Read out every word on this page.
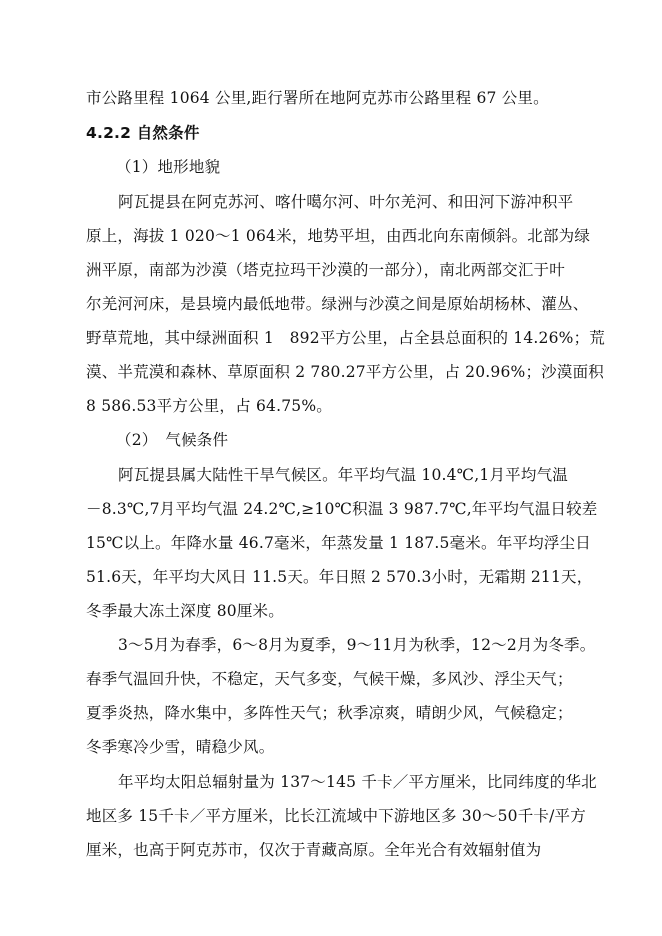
市公路里程 1064 公里,距行署所在地阿克苏市公路里程 67 公里。
4.2.2 自然条件
（1）地形地貌
阿瓦提县在阿克苏河、喀什噶尔河、叶尔羌河、和田河下游冲积平
原上，海拔 1 020～1 064米，地势平坦，由西北向东南倾斜。北部为绿
洲平原，南部为沙漠（塔克拉玛干沙漠的一部分），南北两部交汇于叶
尔羌河河床，是县境内最低地带。绿洲与沙漠之间是原始胡杨林、灌丛、
野草荒地，其中绿洲面积 1　892平方公里，占全县总面积的 14.26%；荒
漠、半荒漠和森林、草原面积 2 780.27平方公里，占 20.96%；沙漠面积
8 586.53平方公里，占 64.75%。
（2）　气候条件
阿瓦提县属大陆性干旱气候区。年平均气温 10.4℃,1月平均气温
－8.3℃,7月平均气温 24.2℃,≥10℃积温 3 987.7℃,年平均气温日较差
15℃以上。年降水量 46.7毫米，年蒸发量 1 187.5毫米。年平均浮尘日
51.6天，年平均大风日 11.5天。年日照 2 570.3小时，无霜期 211天，
冬季最大冻土深度 80厘米。
3～5月为春季，6～8月为夏季，9～11月为秋季，12～2月为冬季。
春季气温回升快，不稳定，天气多变，气候干燥，多风沙、浮尘天气；
夏季炎热，降水集中，多阵性天气；秋季凉爽，晴朗少风，气候稳定；
冬季寒冷少雪，晴稳少风。
年平均太阳总辐射量为 137～145 千卡／平方厘米，比同纬度的华北
地区多 15千卡／平方厘米，比长江流域中下游地区多 30～50千卡/平方
厘米，也高于阿克苏市，仅次于青藏高原。全年光合有效辐射值为
